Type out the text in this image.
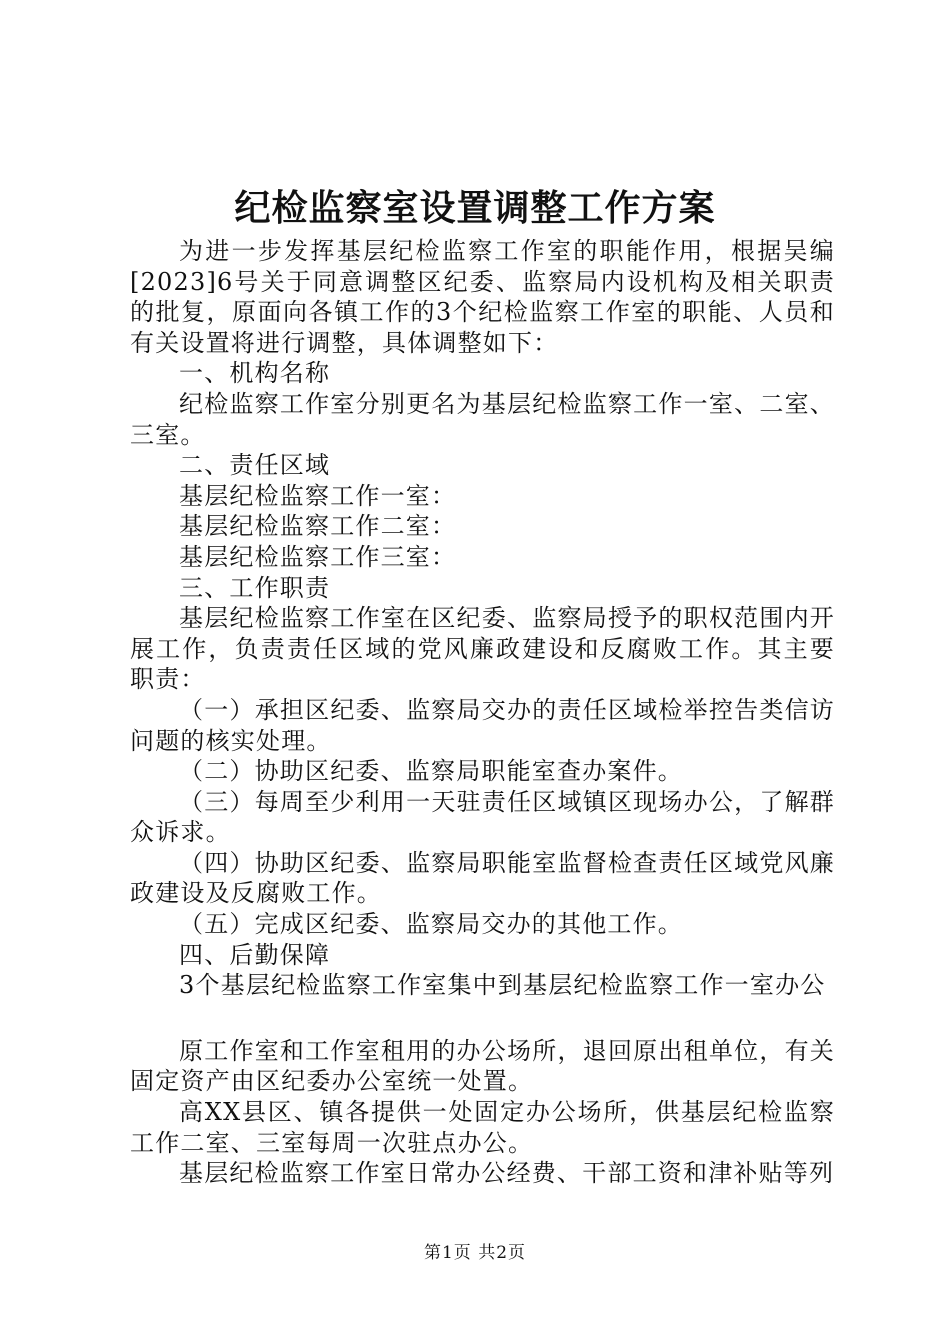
纪检监察室设置调整工作方案

为进一步发挥基层纪检监察工作室的职能作用，根据吴编[2023]6号关于同意调整区纪委、监察局内设机构及相关职责的批复，原面向各镇工作的3个纪检监察工作室的职能、人员和有关设置将进行调整，具体调整如下：

一、机构名称

纪检监察工作室分别更名为基层纪检监察工作一室、二室、三室。

二、责任区域

基层纪检监察工作一室：

基层纪检监察工作二室：

基层纪检监察工作三室：

三、工作职责

基层纪检监察工作室在区纪委、监察局授予的职权范围内开展工作，负责责任区域的党风廉政建设和反腐败工作。其主要职责：

（一）承担区纪委、监察局交办的责任区域检举控告类信访问题的核实处理。

（二）协助区纪委、监察局职能室查办案件。

（三）每周至少利用一天驻责任区域镇区现场办公，了解群众诉求。

（四）协助区纪委、监察局职能室监督检查责任区域党风廉政建设及反腐败工作。

（五）完成区纪委、监察局交办的其他工作。

四、后勤保障

3个基层纪检监察工作室集中到基层纪检监察工作一室办公

原工作室和工作室租用的办公场所，退回原出租单位，有关固定资产由区纪委办公室统一处置。

高XX县区、镇各提供一处固定办公场所，供基层纪检监察工作二室、三室每周一次驻点办公。

基层纪检监察工作室日常办公经费、干部工资和津补贴等列

第1页 共2页
